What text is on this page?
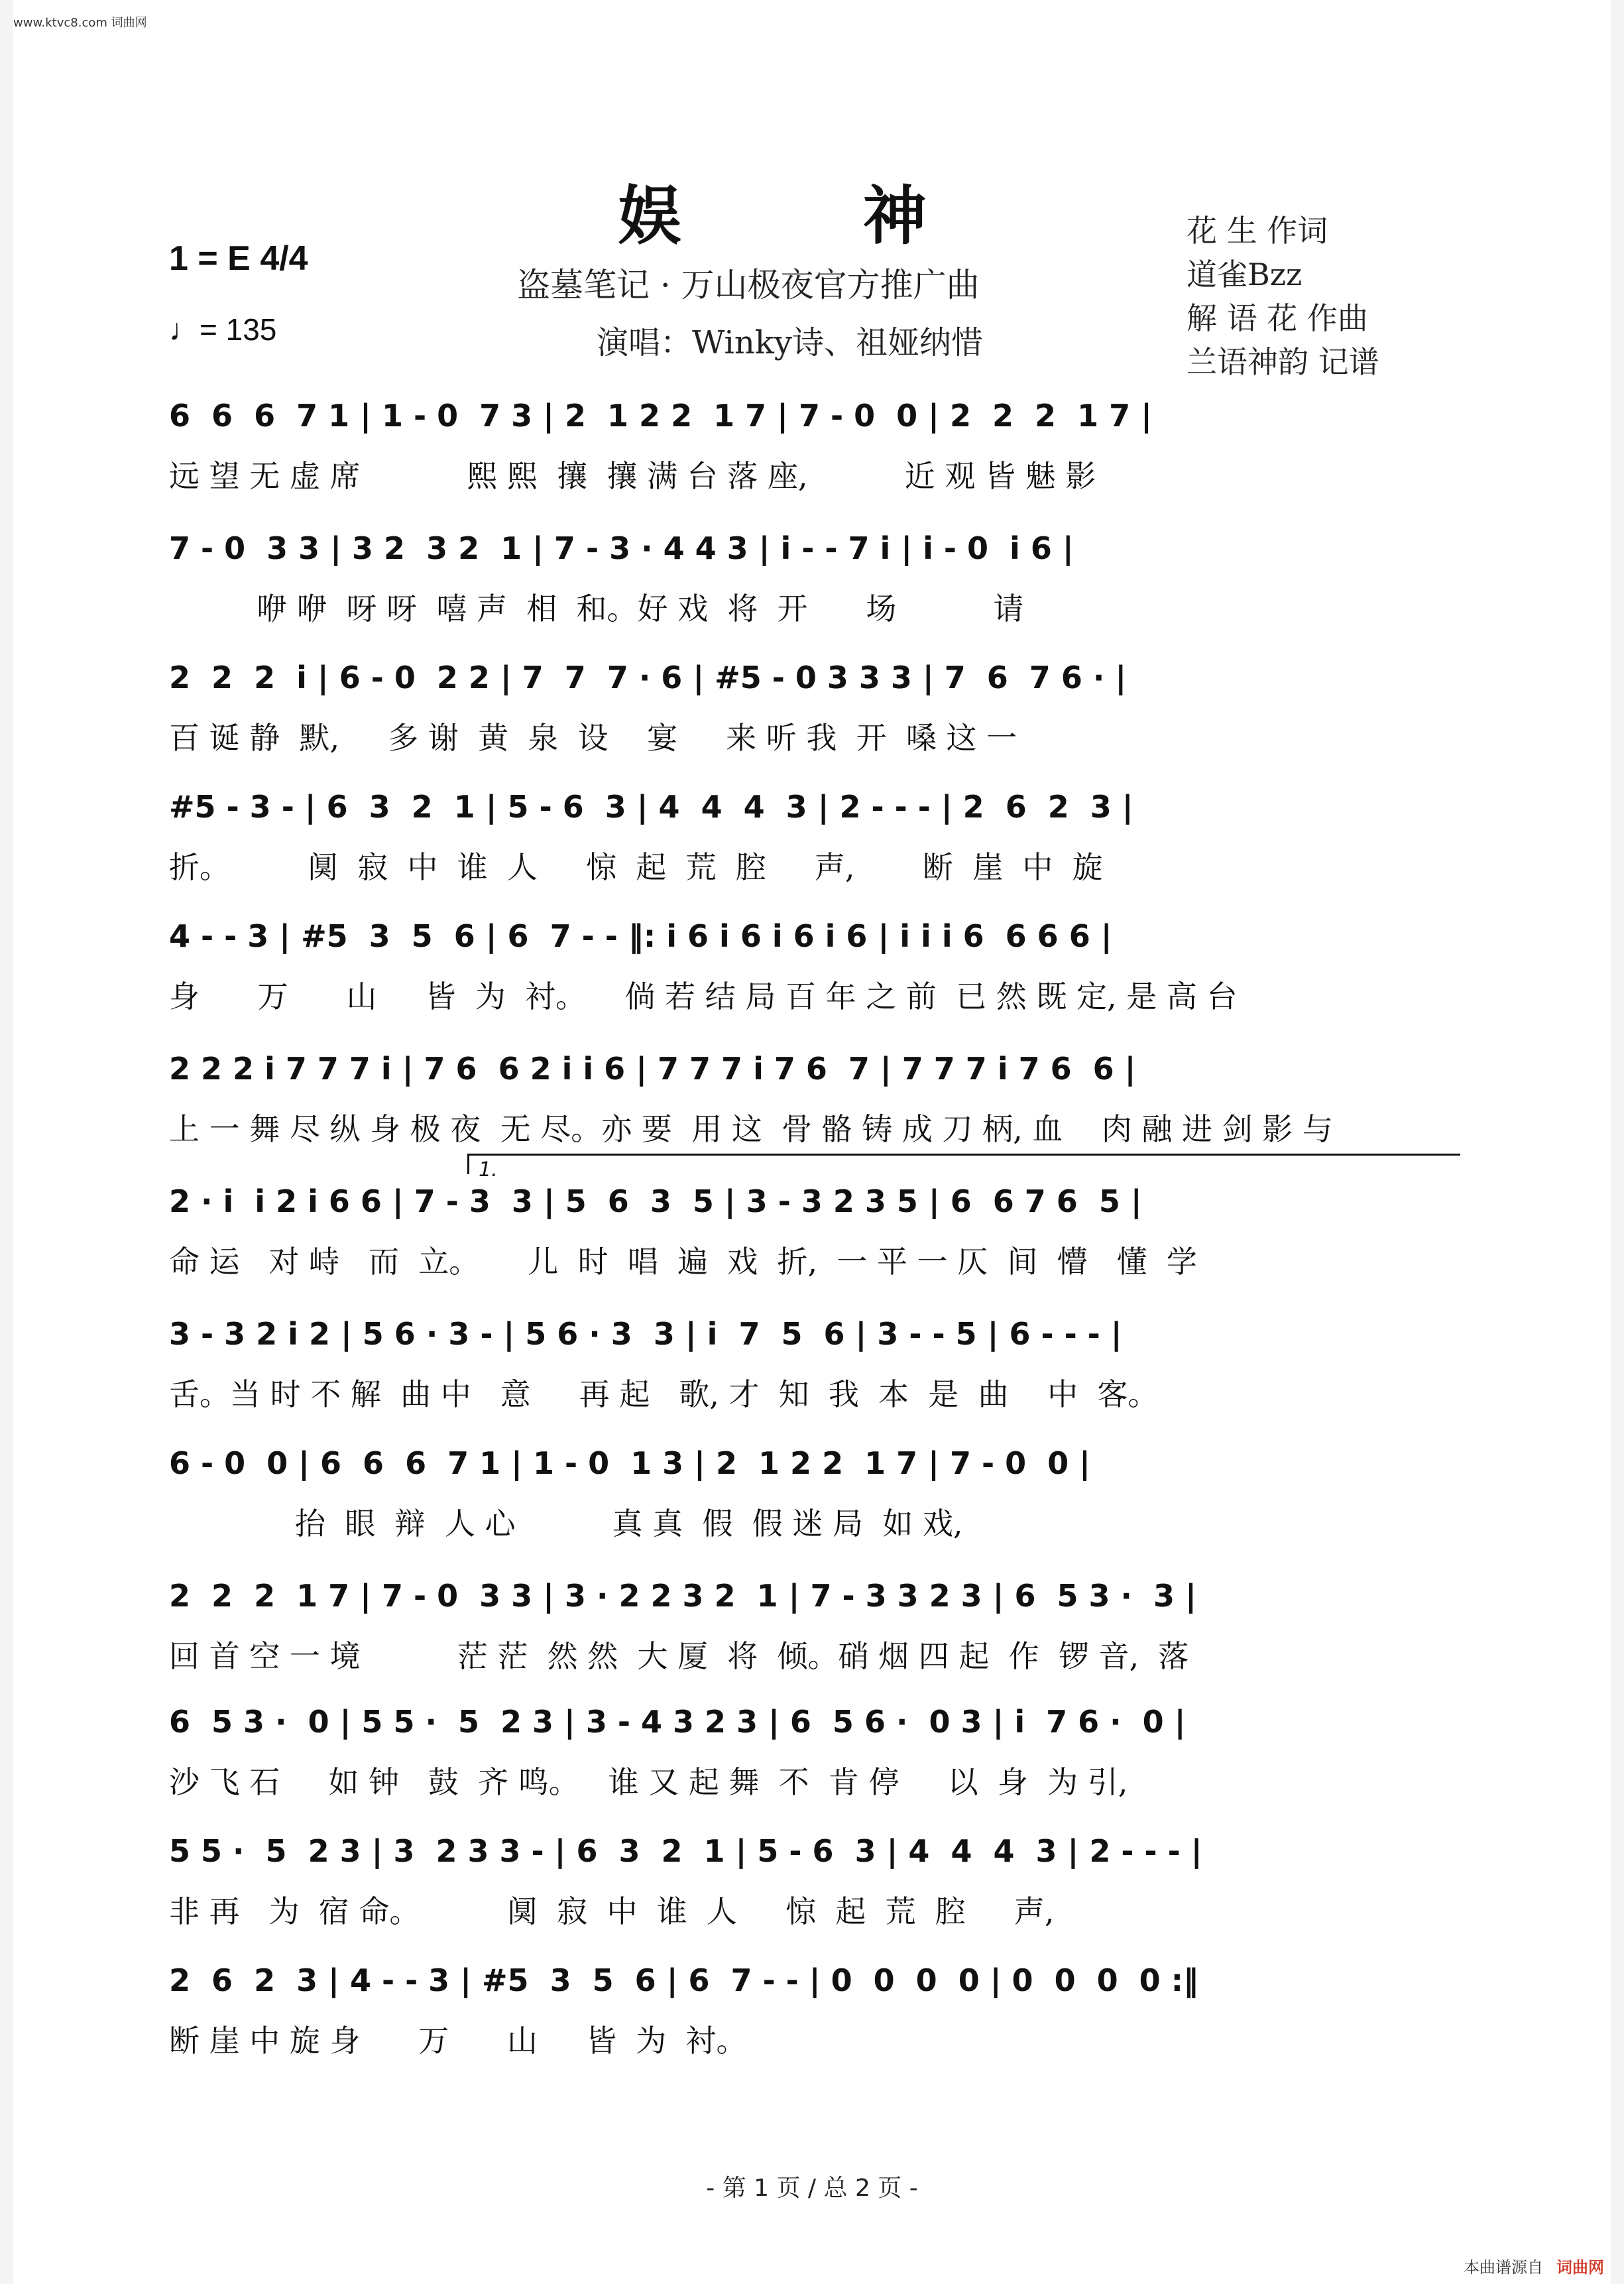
www.ktvc8.com 词曲网
娱 神
盗墓笔记 · 万山极夜官方推广曲
演唱：Winky诗、祖娅纳惜
1 = E 4/4
♩= 135
花 生 作词
道雀Bzz
解 语 花 作曲
兰语神韵 记谱
1.
6  6  6  7 1 | 1 - 0  7 3 | 2  1 2 2  1 7 | 7 - 0  0 | 2  2  2  1 7 |
远 望 无 虚 席           熙 熙  攘  攘 满 台 落 座,          近 观 皆 魅 影
7 - 0  3 3 | 3 2  3 2  1 | 7 - 3 · 4 4 3 | i - - 7 i | i - 0  i 6 |
咿 咿  呀 呀  嘻 声  相  和。好 戏  将  开      场          请
2  2  2  i | 6 - 0  2 2 | 7  7  7 · 6 | #5 - 0 3 3 3 | 7  6  7 6 · |
百 诞 静  默,     多 谢  黄  泉  设    宴     来 听 我  开  嗓 这 一
#5 - 3 - | 6  3  2  1 | 5 - 6  3 | 4  4  4  3 | 2 - - - | 2  6  2  3 |
折。        阒  寂  中  谁  人     惊  起  荒  腔     声,       断  崖  中  旋
4 - - 3 | #5  3  5  6 | 6  7 - - ‖: i 6 i 6 i 6 i 6 | i i i 6  6 6 6 |
身      万      山     皆  为  衬。    倘 若 结 局 百 年 之 前  已 然 既 定, 是 高 台
2 2 2 i 7 7 7 i | 7 6  6 2 i i 6 | 7 7 7 i 7 6  7 | 7 7 7 i 7 6  6 |
上 一 舞 尽 纵 身 极 夜  无 尽。亦 要  用 这  骨 骼 铸 成 刀 柄, 血    肉 融 进 剑 影 与
2 · i  i 2 i 6 6 | 7 - 3  3 | 5  6  3  5 | 3 - 3 2 3 5 | 6  6 7 6  5 |
命 运   对 峙   而  立。     儿  时  唱  遍  戏  折,  一 平 一 仄  间  懵   懂  学
3 - 3 2 i 2 | 5 6 · 3 - | 5 6 · 3  3 | i  7  5  6 | 3 - - 5 | 6 - - - |
舌。当 时 不 解  曲 中   意     再 起   歌, 才  知  我  本  是  曲    中  客。
6 - 0  0 | 6  6  6  7 1 | 1 - 0  1 3 | 2  1 2 2  1 7 | 7 - 0  0 |
抬  眼  辩  人 心          真 真  假  假 迷 局  如 戏,
2  2  2  1 7 | 7 - 0  3 3 | 3 · 2 2 3 2  1 | 7 - 3 3 2 3 | 6  5 3 ·  3 |
回 首 空 一 境          茫 茫  然 然  大 厦  将  倾。硝 烟 四 起  作  锣 音,  落
6  5 3 ·  0 | 5 5 ·  5  2 3 | 3 - 4 3 2 3 | 6  5 6 ·  0 3 | i  7 6 ·  0 |
沙 飞 石     如 钟   鼓  齐 鸣。   谁 又 起 舞  不  肯 停     以  身  为 引,
5 5 ·  5  2 3 | 3  2 3 3 - | 6  3  2  1 | 5 - 6  3 | 4  4  4  3 | 2 - - - |
非 再   为  宿 命。         阒  寂  中  谁  人     惊  起  荒  腔     声,
2  6  2  3 | 4 - - 3 | #5  3  5  6 | 6  7 - - | 0  0  0  0 | 0  0  0  0 :‖
断 崖 中 旋 身      万      山     皆  为  衬。
- 第 1 页 / 总 2 页 -
本曲谱源自 词曲网
